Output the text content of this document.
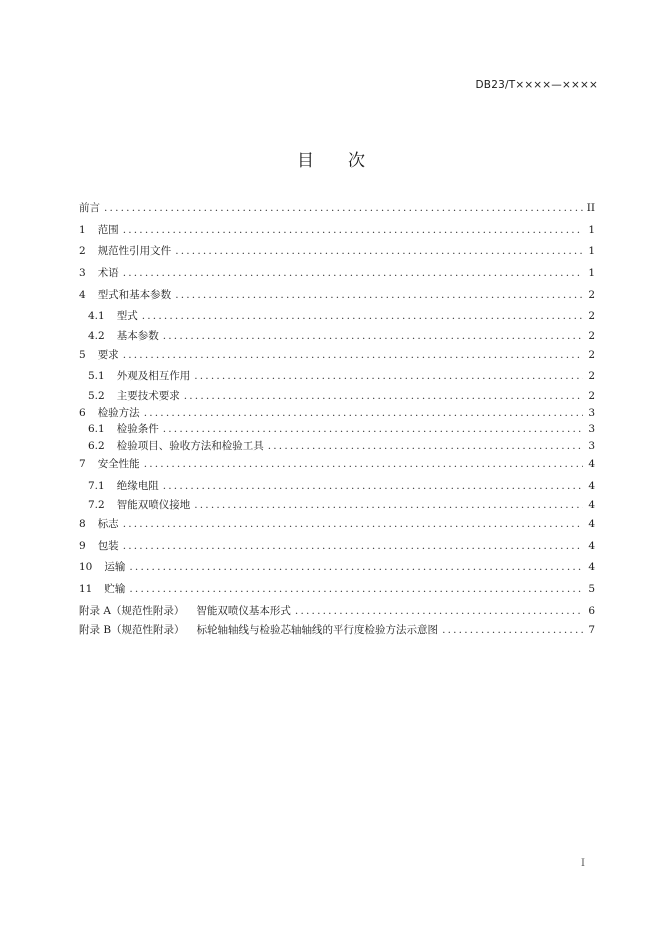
DB23/T××××—××××
目次
前言 .....	II
1	范围 .....	1
2	规范性引用文件 .....	1
3	术语 .....	1
4	型式和基本参数 .....	2
4.1	型式 .....	2
4.2	基本参数 .....	2
5	要求 .....	2
5.1	外观及相互作用 .....	2
5.2	主要技术要求 .....	2
6	检验方法 .....	3
6.1	检验条件 .....	3
6.2	检验项目、验收方法和检验工具 .....	3
7	安全性能 .....	4
7.1	绝缘电阻 .....	4
7.2	智能双喷仪接地 .....	4
8	标志 .....	4
9	包装 .....	4
10	运输 .....	4
11	贮输 .....	5
附录 A（规范性附录）	智能双喷仪基本形式 .....	6
附录 B（规范性附录）	标轮轴轴线与检验芯轴轴线的平行度检验方法示意图 .....	7
I
